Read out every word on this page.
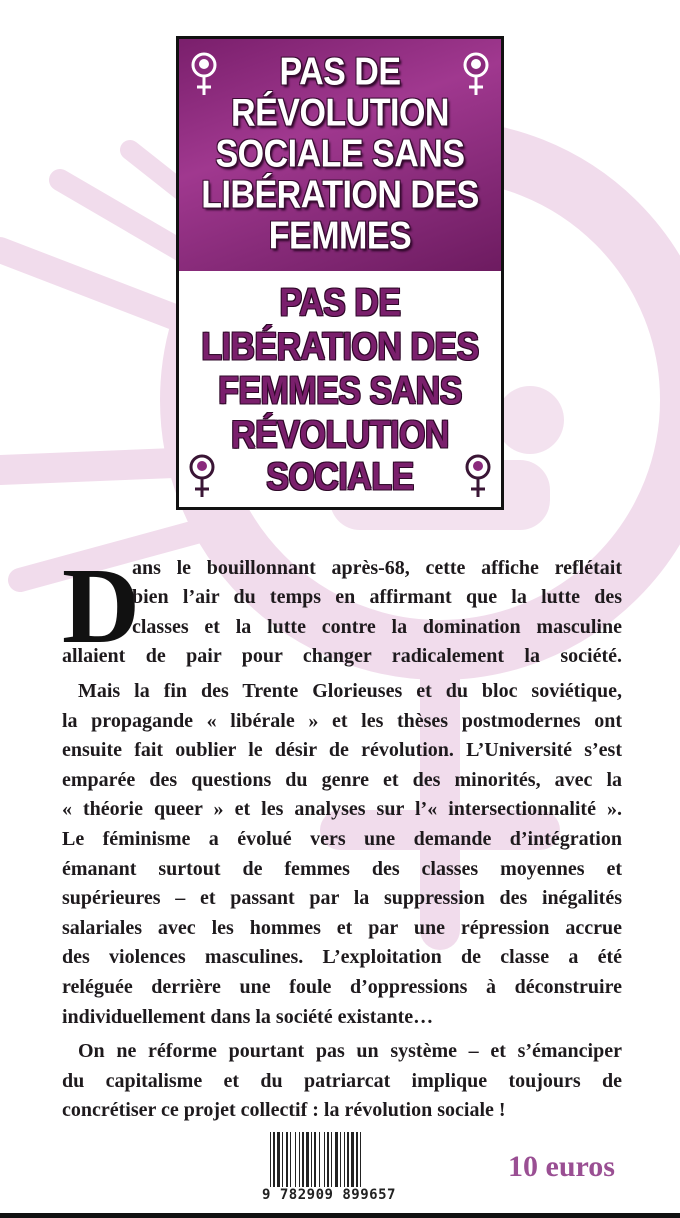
PAS DE
RÉVOLUTION
SOCIALE SANS
LIBÉRATION DES
FEMMES
PAS DE
LIBÉRATION DES
FEMMES SANS
RÉVOLUTION
SOCIALE
D
ans le bouillonnant après-68, cette affiche reflétait
bien l’air du temps en affirmant que la lutte des
classes et la lutte contre la domination masculine
allaient de pair pour changer radicalement la société.
Mais la fin des Trente Glorieuses et du bloc soviétique,
la propagande « libérale » et les thèses postmodernes ont
ensuite fait oublier le désir de révolution. L’Université s’est
emparée des questions du genre et des minorités, avec la
« théorie queer » et les analyses sur l’« intersectionnalité ».
Le féminisme a évolué vers une demande d’intégration
émanant surtout de femmes des classes moyennes et
supérieures – et passant par la suppression des inégalités
salariales avec les hommes et par une répression accrue
des violences masculines. L’exploitation de classe a été
reléguée derrière une foule d’oppressions à déconstruire
individuellement dans la société existante…
On ne réforme pourtant pas un système – et s’émanciper
du capitalisme et du patriarcat implique toujours de
concrétiser ce projet collectif : la révolution sociale !
9 782909 899657
10 euros
